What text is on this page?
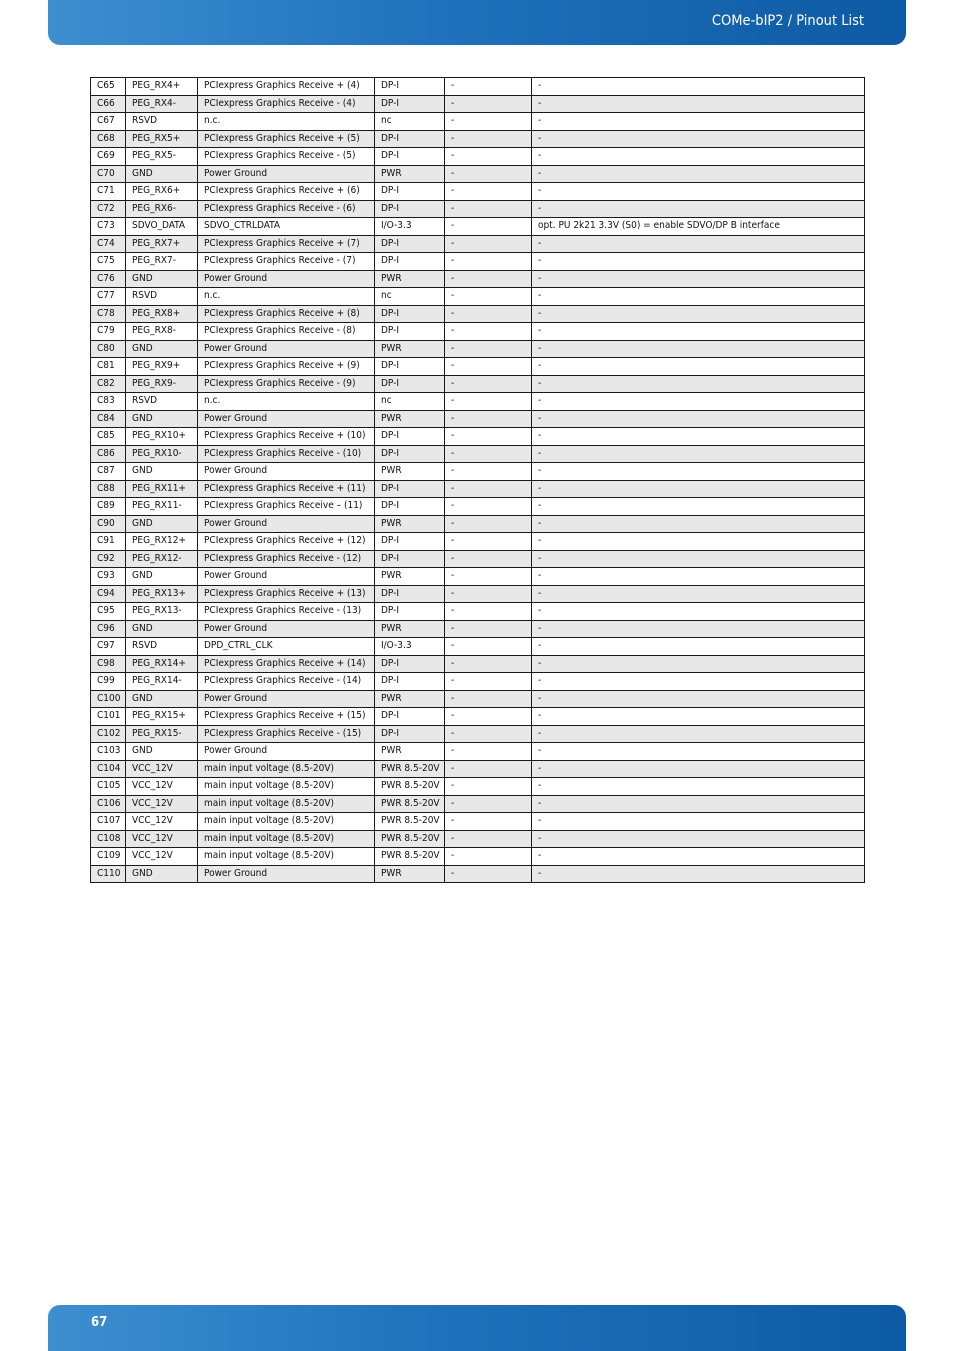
COMe-bIP2 / Pinout List
C65	PEG_RX4+	PCIexpress Graphics Receive + (4)	DP-I	-	-
C66	PEG_RX4-	PCIexpress Graphics Receive - (4)	DP-I	-	-
C67	RSVD	n.c.	nc	-	-
C68	PEG_RX5+	PCIexpress Graphics Receive + (5)	DP-I	-	-
C69	PEG_RX5-	PCIexpress Graphics Receive - (5)	DP-I	-	-
C70	GND	Power Ground	PWR	-	-
C71	PEG_RX6+	PCIexpress Graphics Receive + (6)	DP-I	-	-
C72	PEG_RX6-	PCIexpress Graphics Receive - (6)	DP-I	-	-
C73	SDVO_DATA	SDVO_CTRLDATA	I/O-3.3	-	opt. PU 2k21 3.3V (S0) = enable SDVO/DP B interface
C74	PEG_RX7+	PCIexpress Graphics Receive + (7)	DP-I	-	-
C75	PEG_RX7-	PCIexpress Graphics Receive - (7)	DP-I	-	-
C76	GND	Power Ground	PWR	-	-
C77	RSVD	n.c.	nc	-	-
C78	PEG_RX8+	PCIexpress Graphics Receive + (8)	DP-I	-	-
C79	PEG_RX8-	PCIexpress Graphics Receive - (8)	DP-I	-	-
C80	GND	Power Ground	PWR	-	-
C81	PEG_RX9+	PCIexpress Graphics Receive + (9)	DP-I	-	-
C82	PEG_RX9-	PCIexpress Graphics Receive - (9)	DP-I	-	-
C83	RSVD	n.c.	nc	-	-
C84	GND	Power Ground	PWR	-	-
C85	PEG_RX10+	PCIexpress Graphics Receive + (10)	DP-I	-	-
C86	PEG_RX10-	PCIexpress Graphics Receive - (10)	DP-I	-	-
C87	GND	Power Ground	PWR	-	-
C88	PEG_RX11+	PCIexpress Graphics Receive + (11)	DP-I	-	-
C89	PEG_RX11-	PCIexpress Graphics Receive – (11)	DP-I	-	-
C90	GND	Power Ground	PWR	-	-
C91	PEG_RX12+	PCIexpress Graphics Receive + (12)	DP-I	-	-
C92	PEG_RX12-	PCIexpress Graphics Receive - (12)	DP-I	-	-
C93	GND	Power Ground	PWR	-	-
C94	PEG_RX13+	PCIexpress Graphics Receive + (13)	DP-I	-	-
C95	PEG_RX13-	PCIexpress Graphics Receive - (13)	DP-I	-	-
C96	GND	Power Ground	PWR	-	-
C97	RSVD	DPD_CTRL_CLK	I/O-3.3	-	-
C98	PEG_RX14+	PCIexpress Graphics Receive + (14)	DP-I	-	-
C99	PEG_RX14-	PCIexpress Graphics Receive - (14)	DP-I	-	-
C100	GND	Power Ground	PWR	-	-
C101	PEG_RX15+	PCIexpress Graphics Receive + (15)	DP-I	-	-
C102	PEG_RX15-	PCIexpress Graphics Receive - (15)	DP-I	-	-
C103	GND	Power Ground	PWR	-	-
C104	VCC_12V	main input voltage (8.5-20V)	PWR 8.5-20V	-	-
C105	VCC_12V	main input voltage (8.5-20V)	PWR 8.5-20V	-	-
C106	VCC_12V	main input voltage (8.5-20V)	PWR 8.5-20V	-	-
C107	VCC_12V	main input voltage (8.5-20V)	PWR 8.5-20V	-	-
C108	VCC_12V	main input voltage (8.5-20V)	PWR 8.5-20V	-	-
C109	VCC_12V	main input voltage (8.5-20V)	PWR 8.5-20V	-	-
C110	GND	Power Ground	PWR	-	-
67
